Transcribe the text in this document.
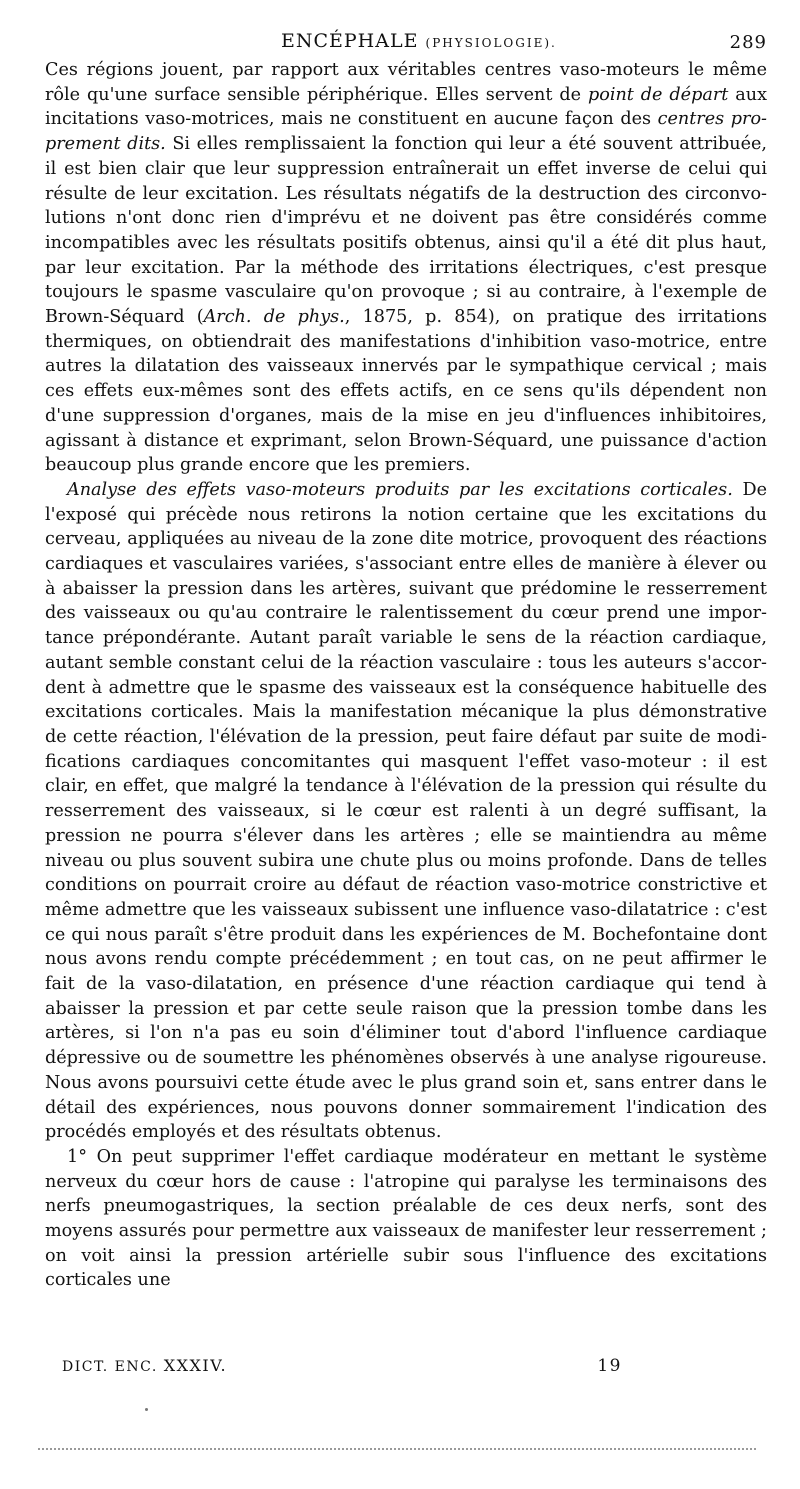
ENCÉPHALE (PHYSIOLOGIE).	289

Ces régions jouent, par rapport aux véritables centres vaso-moteurs le même rôle qu'une surface sensible périphérique. Elles servent de point de départ aux incitations vaso-motrices, mais ne constituent en aucune façon des centres proprement dits. Si elles remplissaient la fonction qui leur a été souvent attribuée, il est bien clair que leur suppression entraînerait un effet inverse de celui qui résulte de leur excitation. Les résultats négatifs de la destruction des circonvolutions n'ont donc rien d'imprévu et ne doivent pas être considérés comme incompatibles avec les résultats positifs obtenus, ainsi qu'il a été dit plus haut, par leur excitation. Par la méthode des irritations électriques, c'est presque toujours le spasme vasculaire qu'on provoque ; si au contraire, à l'exemple de Brown-Séquard (Arch. de phys., 1875, p. 854), on pratique des irritations thermiques, on obtiendrait des manifestations d'inhibition vaso-motrice, entre autres la dilatation des vaisseaux innervés par le sympathique cervical ; mais ces effets eux-mêmes sont des effets actifs, en ce sens qu'ils dépendent non d'une suppression d'organes, mais de la mise en jeu d'influences inhibitoires, agissant à distance et exprimant, selon Brown-Séquard, une puissance d'action beaucoup plus grande encore que les premiers.

Analyse des effets vaso-moteurs produits par les excitations corticales. De l'exposé qui précède nous retirons la notion certaine que les excitations du cerveau, appliquées au niveau de la zone dite motrice, provoquent des réactions cardiaques et vasculaires variées, s'associant entre elles de manière à élever ou à abaisser la pression dans les artères, suivant que prédomine le resserrement des vaisseaux ou qu'au contraire le ralentissement du cœur prend une importance prépondérante. Autant paraît variable le sens de la réaction cardiaque, autant semble constant celui de la réaction vasculaire : tous les auteurs s'accordent à admettre que le spasme des vaisseaux est la conséquence habituelle des excitations corticales. Mais la manifestation mécanique la plus démonstrative de cette réaction, l'élévation de la pression, peut faire défaut par suite de modifications cardiaques concomitantes qui masquent l'effet vaso-moteur : il est clair, en effet, que malgré la tendance à l'élévation de la pression qui résulte du resserrement des vaisseaux, si le cœur est ralenti à un degré suffisant, la pression ne pourra s'élever dans les artères ; elle se maintiendra au même niveau ou plus souvent subira une chute plus ou moins profonde. Dans de telles conditions on pourrait croire au défaut de réaction vaso-motrice constrictive et même admettre que les vaisseaux subissent une influence vaso-dilatatrice : c'est ce qui nous paraît s'être produit dans les expériences de M. Bochefontaine dont nous avons rendu compte précédemment ; en tout cas, on ne peut affirmer le fait de la vaso-dilatation, en présence d'une réaction cardiaque qui tend à abaisser la pression et par cette seule raison que la pression tombe dans les artères, si l'on n'a pas eu soin d'éliminer tout d'abord l'influence cardiaque dépressive ou de soumettre les phénomènes observés à une analyse rigoureuse. Nous avons poursuivi cette étude avec le plus grand soin et, sans entrer dans le détail des expériences, nous pouvons donner sommairement l'indication des procédés employés et des résultats obtenus.

1° On peut supprimer l'effet cardiaque modérateur en mettant le système nerveux du cœur hors de cause : l'atropine qui paralyse les terminaisons des nerfs pneumogastriques, la section préalable de ces deux nerfs, sont des moyens assurés pour permettre aux vaisseaux de manifester leur resserrement ; on voit ainsi la pression artérielle subir sous l'influence des excitations corticales une

DICT. ENC. XXXIV.	19
